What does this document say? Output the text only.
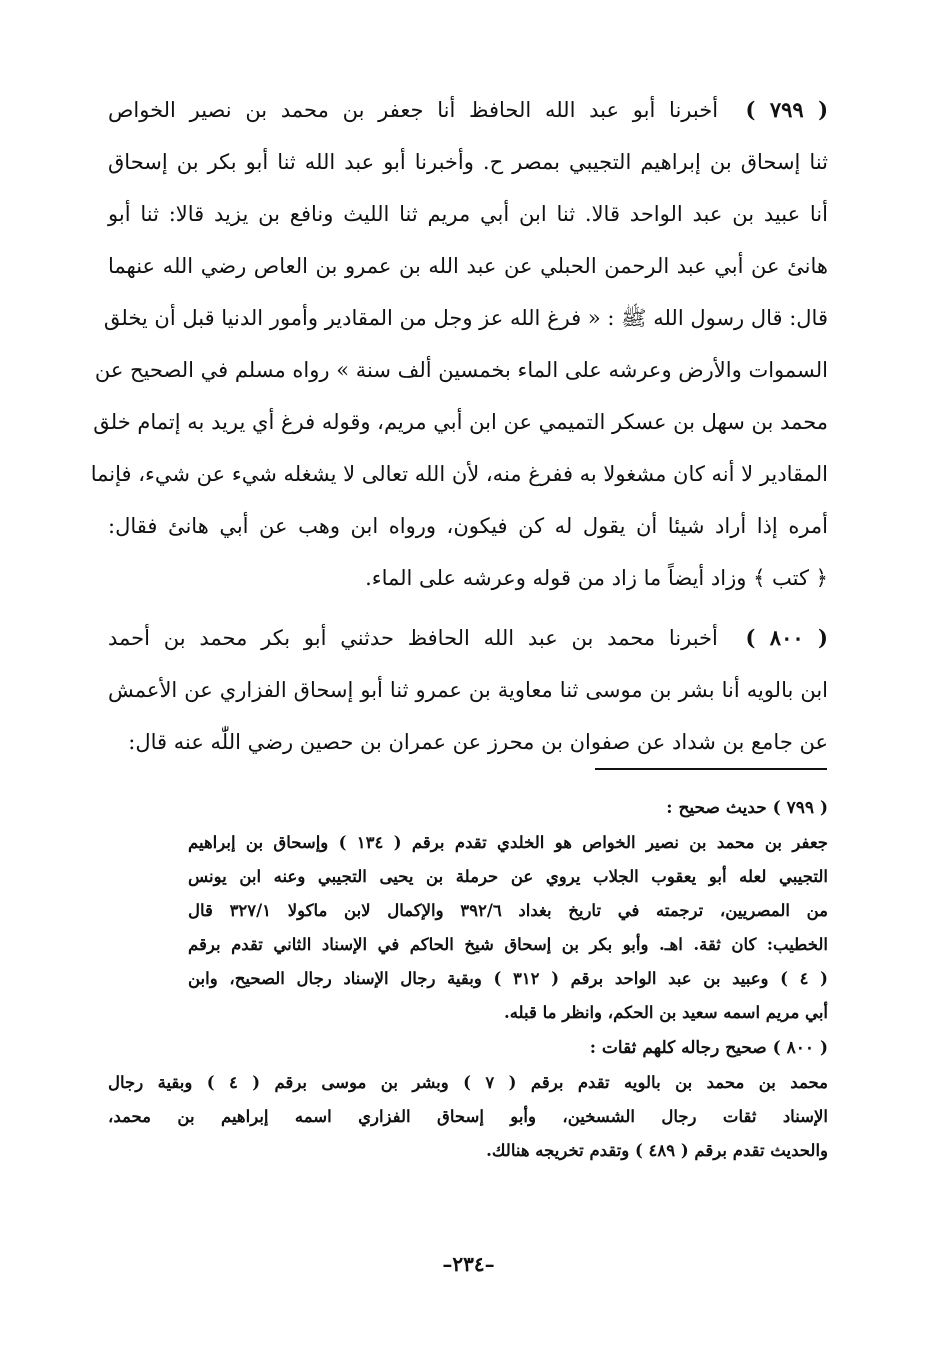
( ٧٩٩ )  أخبرنا أبو عبد الله الحافظ أنا جعفر بن محمد بن نصير الخواص
ثنا إسحاق بن إبراهيم التجيبي بمصر ح. وأخبرنا أبو عبد الله ثنا أبو بكر بن إسحاق
أنا عبيد بن عبد الواحد قالا. ثنا ابن أبي مريم ثنا الليث ونافع بن يزيد قالا: ثنا أبو
هانئ عن أبي عبد الرحمن الحبلي عن عبد الله بن عمرو بن العاص رضي الله عنهما
قال: قال رسول الله ﷺ : « فرغ الله عز وجل من المقادير وأمور الدنيا قبل أن يخلق
السموات والأرض وعرشه على الماء بخمسين ألف سنة » رواه مسلم في الصحيح عن
محمد بن سهل بن عسكر التميمي عن ابن أبي مريم، وقوله فرغ أي يريد به إتمام خلق
المقادير لا أنه كان مشغولا به ففرغ منه، لأن الله تعالى لا يشغله شيء عن شيء، فإنما
أمره إذا أراد شيئا أن يقول له كن فيكون، ورواه ابن وهب عن أبي هانئ فقال:
﴿ كتب ﴾ وزاد أيضاً ما زاد من قوله وعرشه على الماء.
( ٨٠٠ )  أخبرنا محمد بن عبد الله الحافظ حدثني أبو بكر محمد بن أحمد
ابن بالويه أنا بشر بن موسى ثنا معاوية بن عمرو ثنا أبو إسحاق الفزاري عن الأعمش
عن جامع بن شداد عن صفوان بن محرز عن عمران بن حصين رضي اللّٰه عنه قال:
( ٧٩٩ ) حديث صحيح :
جعفر بن محمد بن نصير الخواص هو الخلدي تقدم برقم ( ١٣٤ ) وإسحاق بن إبراهيم
التجيبي لعله أبو يعقوب الجلاب يروي عن حرملة بن يحيى التجيبي وعنه ابن يونس
من المصريين، ترجمته في تاريخ بغداد ٣٩٢/٦ والإكمال لابن ماكولا ٣٢٧/١ قال
الخطيب: كان ثقة. اهـ. وأبو بكر بن إسحاق شيخ الحاكم في الإسناد الثاني تقدم برقم
( ٤ ) وعبيد بن عبد الواحد برقم ( ٣١٢ ) وبقية رجال الإسناد رجال الصحيح، وابن
أبي مريم اسمه سعيد بن الحكم، وانظر ما قبله.
( ٨٠٠ ) صحيح رجاله كلهم ثقات :
محمد بن محمد بن بالويه تقدم برقم ( ٧ ) وبشر بن موسى برقم ( ٤ ) وبقية رجال
الإسناد ثقات رجال الشسخين، وأبو إسحاق الفزاري اسمه إبراهيم بن محمد،
والحديث تقدم برقم ( ٤٨٩ ) وتقدم تخريجه هنالك.
–٢٣٤–
